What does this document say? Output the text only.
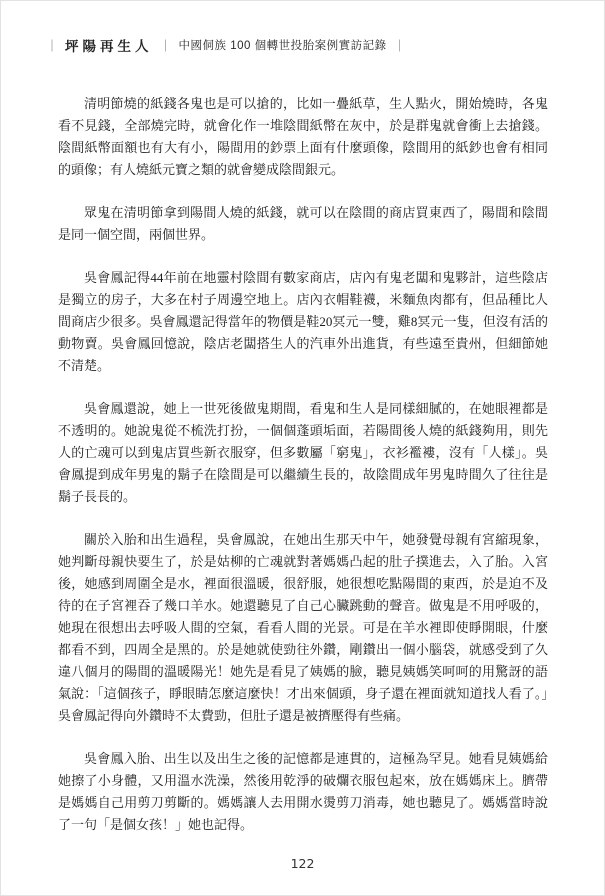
｜ 坪陽再生人 ｜ 中國侗族 100 個轉世投胎案例實訪記錄 ｜

清明節燒的紙錢各鬼也是可以搶的，比如一疊紙草，生人點火，開始燒時，各鬼看不見錢，全部燒完時，就會化作一堆陰間紙幣在灰中，於是群鬼就會衝上去搶錢。陰間紙幣面額也有大有小，陽間用的鈔票上面有什麼頭像，陰間用的紙鈔也會有相同的頭像；有人燒紙元寶之類的就會變成陰間銀元。

眾鬼在清明節拿到陽間人燒的紙錢，就可以在陰間的商店買東西了，陽間和陰間是同一個空間，兩個世界。

吳會鳳記得44年前在地靈村陰間有數家商店，店內有鬼老闆和鬼夥計，這些陰店是獨立的房子，大多在村子周邊空地上。店內衣帽鞋襪，米麵魚肉都有，但品種比人間商店少很多。吳會鳳還記得當年的物價是鞋20冥元一雙，雞8冥元一隻，但沒有活的動物賣。吳會鳳回憶說，陰店老闆搭生人的汽車外出進貨，有些遠至貴州，但細節她不清楚。

吳會鳳還說，她上一世死後做鬼期間，看鬼和生人是同樣細膩的，在她眼裡都是不透明的。她說鬼從不梳洗打扮，一個個蓬頭垢面，若陽間後人燒的紙錢夠用，則先人的亡魂可以到鬼店買些新衣服穿，但多數屬「窮鬼」，衣衫襤褸，沒有「人樣」。吳會鳳提到成年男鬼的鬍子在陰間是可以繼續生長的，故陰間成年男鬼時間久了往往是鬍子長長的。

關於入胎和出生過程，吳會鳳說，在她出生那天中午，她發覺母親有宮縮現象，她判斷母親快要生了，於是姑柳的亡魂就對著媽媽凸起的肚子撲進去，入了胎。入宮後，她感到周圍全是水，裡面很溫暖，很舒服，她很想吃點陽間的東西，於是迫不及待的在子宮裡吞了幾口羊水。她還聽見了自己心臟跳動的聲音。做鬼是不用呼吸的，她現在很想出去呼吸人間的空氣，看看人間的光景。可是在羊水裡即使睜開眼，什麼都看不到，四周全是黑的。於是她就使勁往外鑽，剛鑽出一個小腦袋，就感受到了久違八個月的陽間的溫暖陽光！她先是看見了姨媽的臉，聽見姨媽笑呵呵的用驚訝的語氣說：「這個孩子，睜眼睛怎麼這麼快！才出來個頭，身子還在裡面就知道找人看了。」吳會鳳記得向外鑽時不太費勁，但肚子還是被擠壓得有些痛。

吳會鳳入胎、出生以及出生之後的記憶都是連貫的，這極為罕見。她看見姨媽給她擦了小身體，又用溫水洗澡，然後用乾淨的破爛衣服包起來，放在媽媽床上。臍帶是媽媽自己用剪刀剪斷的。媽媽讓人去用開水燙剪刀消毒，她也聽見了。媽媽當時說了一句「是個女孩！」她也記得。

122
